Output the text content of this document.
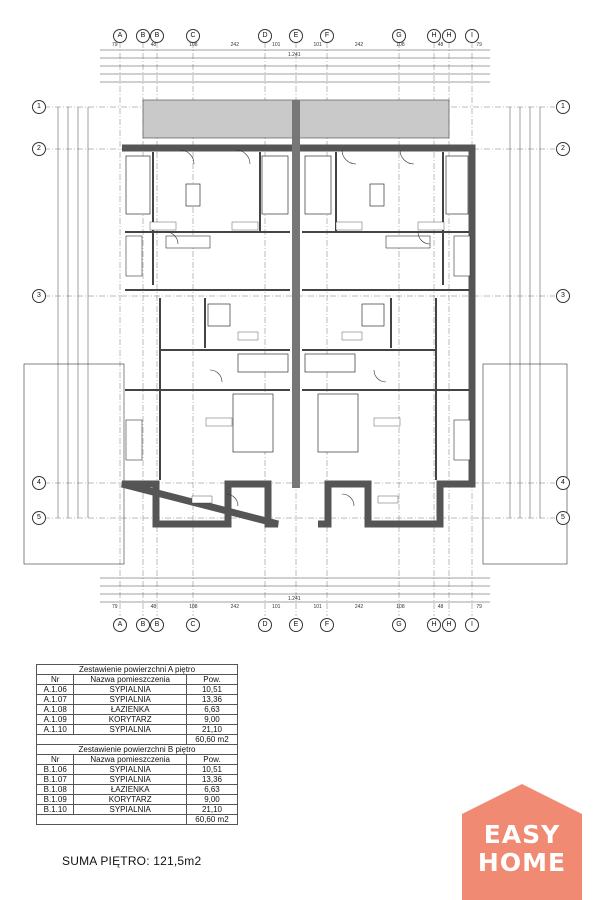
A	B	B	C	D	E	F	G	H	H	I
A	B	B	C	D	E	F	G	H	H	I
1
2
3
4
5
1
2
3
4
5
79	48	108	242	101	101	242	108	48	79
79	48	108	242	101	101	242	108	48	79
1.241
1.241
Zestawienie powierzchni A piętro		
Nr	Nazwa pomieszczenia	Pow.
A.1.06	SYPIALNIA	10,51
A.1.07	SYPIALNIA	13,36
A.1.08	ŁAZIENKA	6,63
A.1.09	KORYTARZ	9,00
A.1.10	SYPIALNIA	21,10
		60,60 m2
Zestawienie powierzchni B piętro		
Nr	Nazwa pomieszczenia	Pow.
B.1.06	SYPIALNIA	10,51
B.1.07	SYPIALNIA	13,36
B.1.08	ŁAZIENKA	6,63
B.1.09	KORYTARZ	9,00
B.1.10	SYPIALNIA	21,10
		60,60 m2
SUMA PIĘTRO: 121,5m2
EASY
HOME
